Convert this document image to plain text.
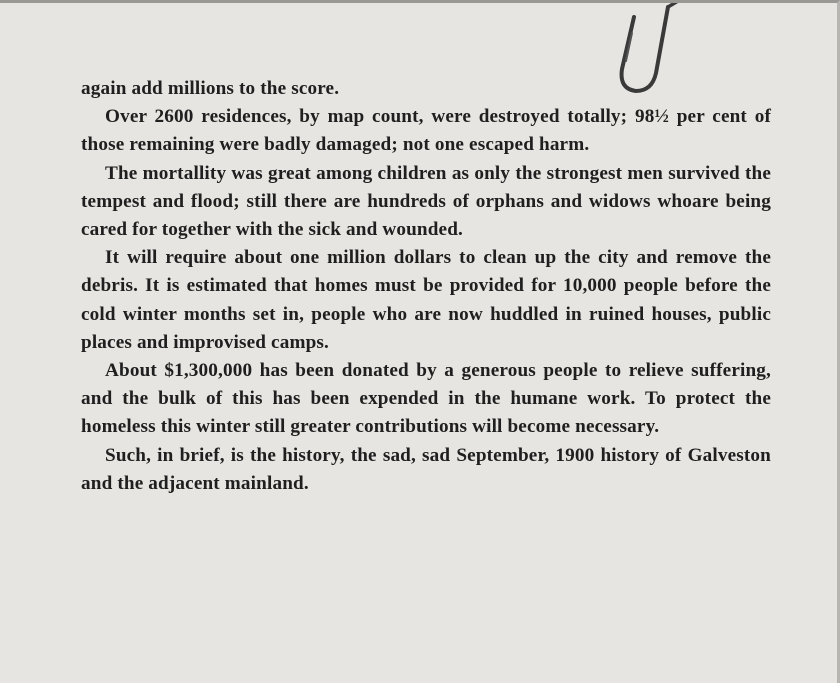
again add millions to the score.

Over 2600 residences, by map count, were destroyed totally; 98½ per cent of those remaining were badly damaged; not one escaped harm.

The mortallity was great among children as only the strongest men survived the tempest and flood; still there are hundreds of orphans and widows whoare being cared for together with the sick and wounded.

It will require about one million dollars to clean up the city and remove the debris. It is estimated that homes must be provided for 10,000 people before the cold winter months set in, people who are now huddled in ruined houses, public places and improvised camps.

About $1,300,000 has been donated by a generous people to relieve suffering, and the bulk of this has been expended in the humane work. To protect the homeless this winter still greater contributions will become necessary.

Such, in brief, is the history, the sad, sad September, 1900 history of Galveston and the adjacent mainland.
